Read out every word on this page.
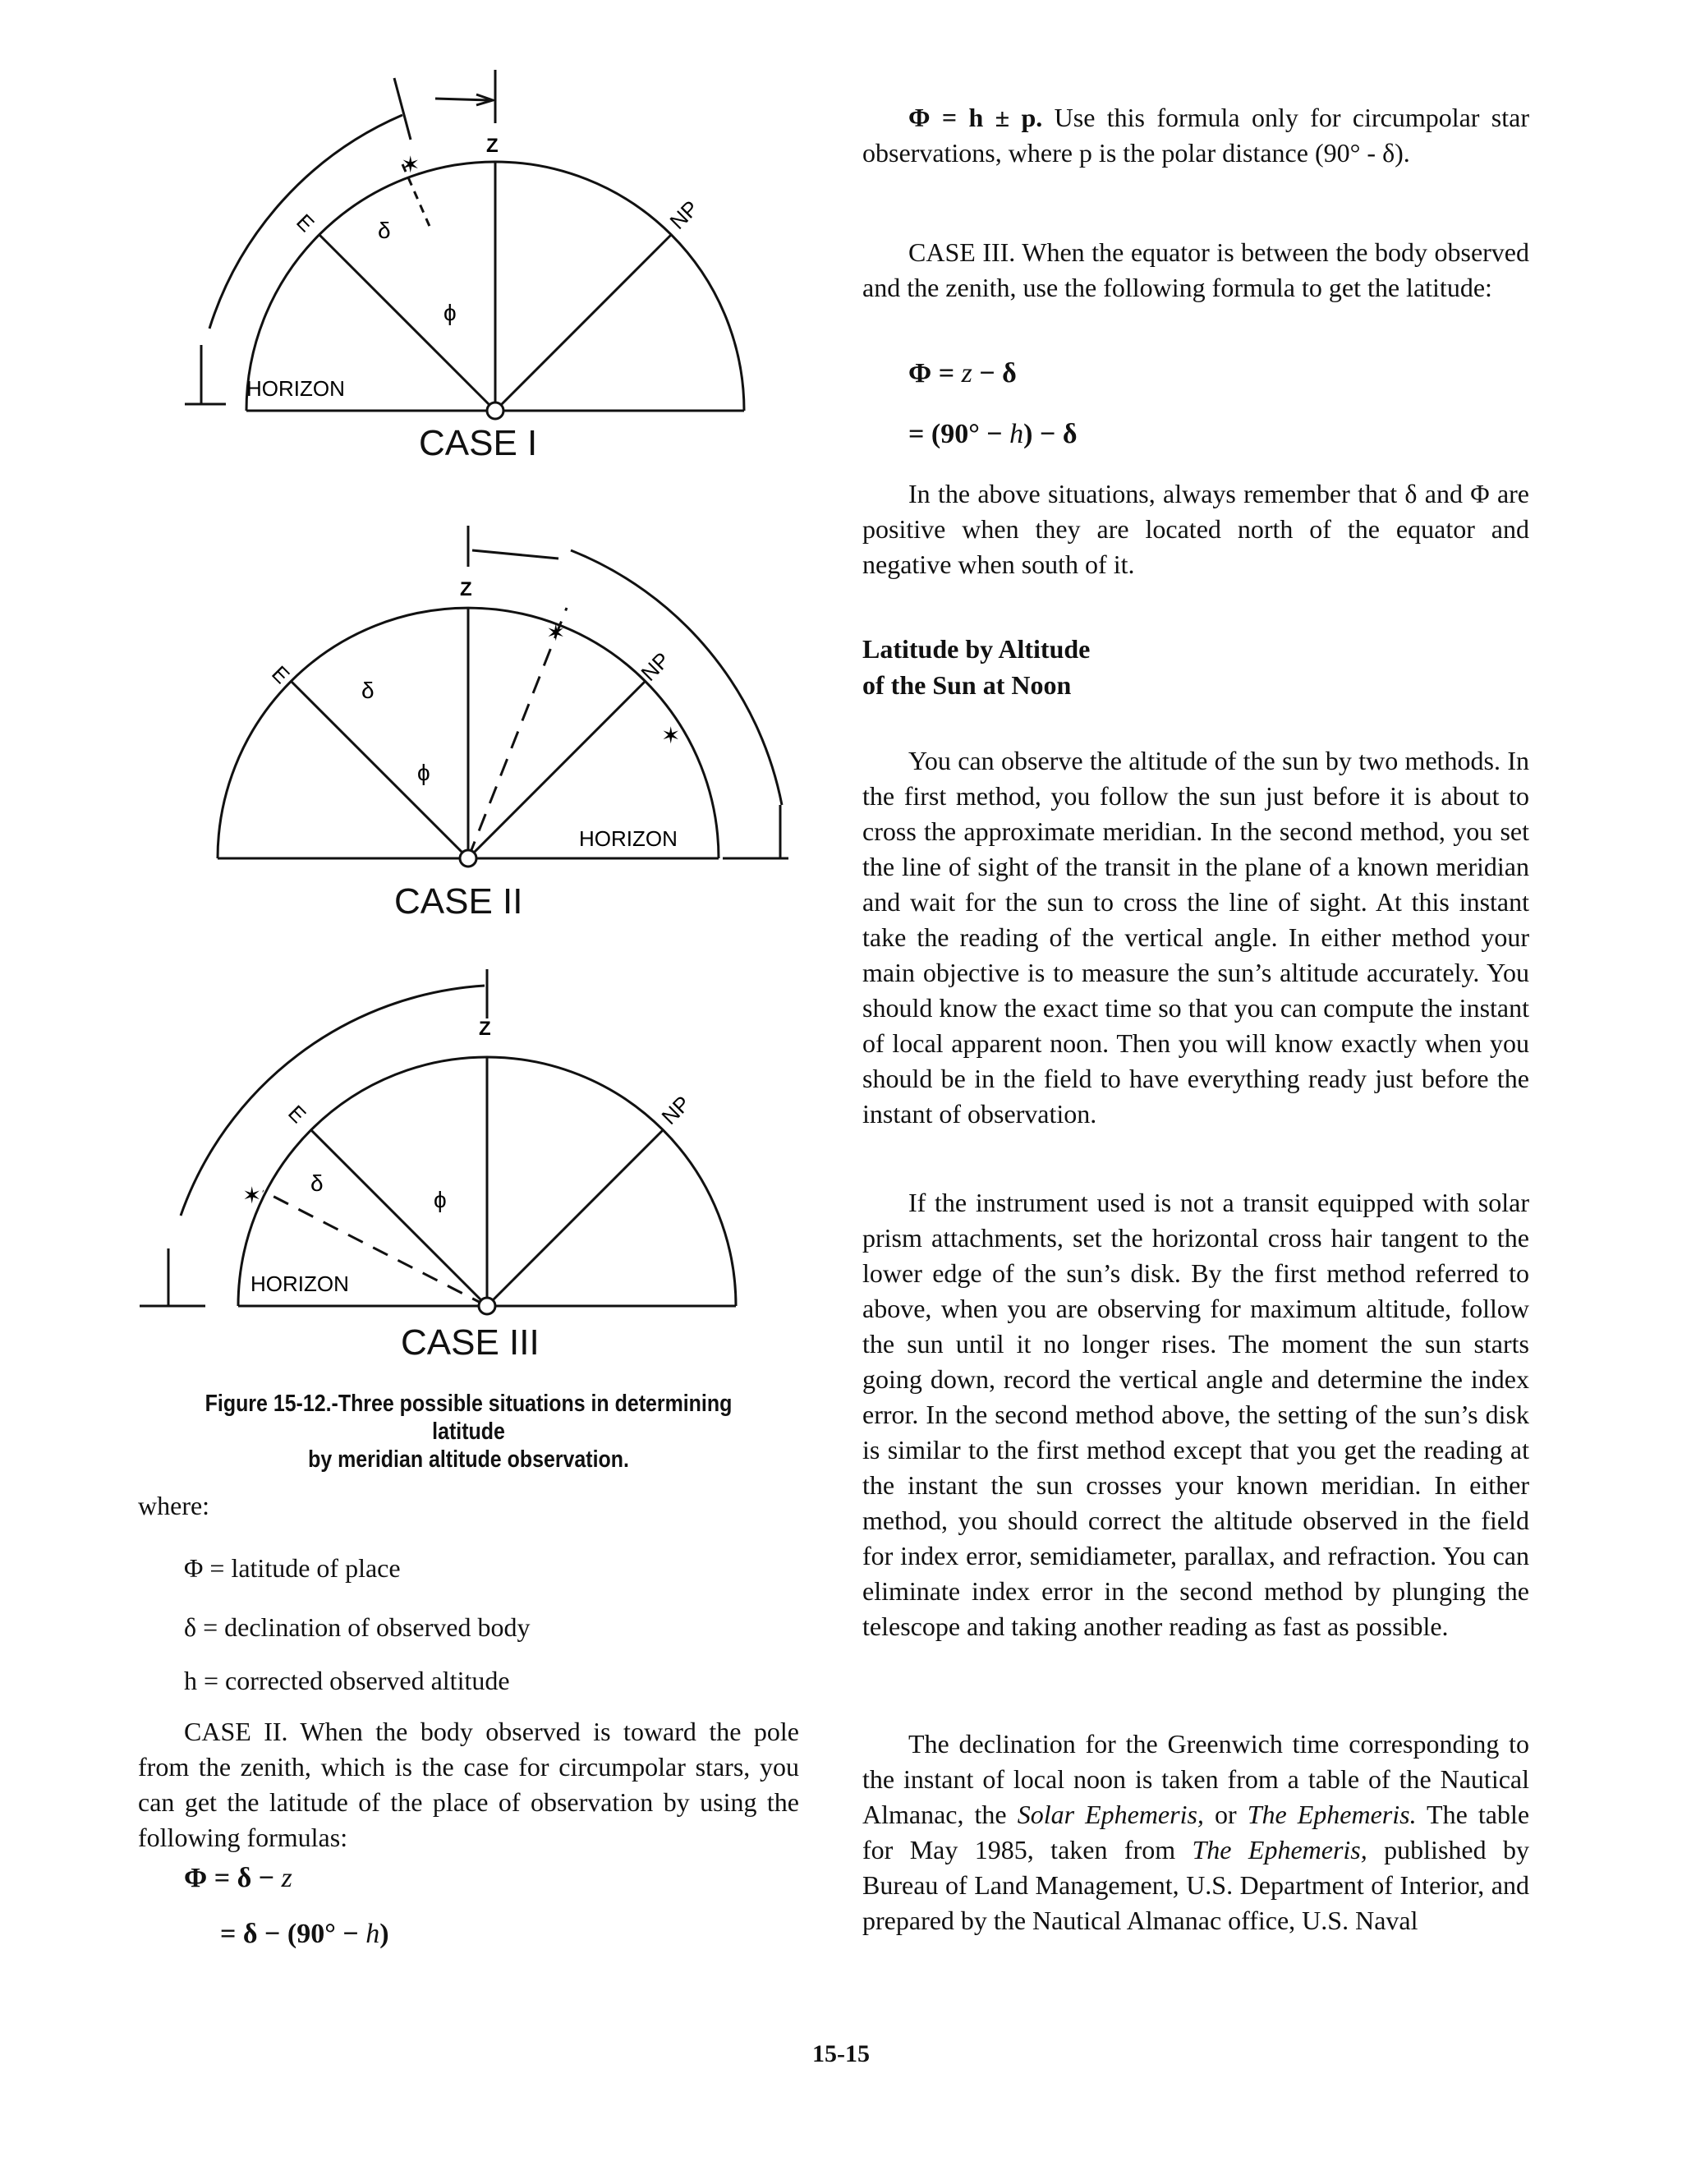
HORIZON
Z
NP
E	δ
ϕ
✶
CASE I
HORIZON
Z
NP
E
δ
ϕ
✶
✶
CASE II
HORIZON
Z
NP
E
δ
ϕ
✶
CASE III
Figure 15-12.-Three possible situations in determining latitude
by meridian altitude observation.

where:

Φ = latitude of place

δ = declination of observed body

h = corrected observed altitude

CASE II. When the body observed is toward the pole from the zenith, which is the case for circumpolar stars, you can get the latitude of the place of observation by using the following formulas:

Φ = δ − z

= δ − (90° − h)

Φ = h ± p. Use this formula only for circumpolar star observations, where p is the polar distance (90° - δ).

CASE III. When the equator is between the body observed and the zenith, use the following formula to get the latitude:

Φ = z − δ

= (90° − h) − δ

In the above situations, always remember that δ and Φ are positive when they are located north of the equator and negative when south of it.

Latitude by Altitude

of the Sun at Noon

You can observe the altitude of the sun by two methods. In the first method, you follow the sun just before it is about to cross the approximate meridian. In the second method, you set the line of sight of the transit in the plane of a known meridian and wait for the sun to cross the line of sight. At this instant take the reading of the vertical angle. In either method your main objective is to measure the sun’s altitude accurately. You should know the exact time so that you can compute the instant of local apparent noon. Then you will know exactly when you should be in the field to have everything ready just before the instant of observation.

If the instrument used is not a transit equipped with solar prism attachments, set the horizontal cross hair tangent to the lower edge of the sun’s disk. By the first method referred to above, when you are observing for maximum altitude, follow the sun until it no longer rises. The moment the sun starts going down, record the vertical angle and determine the index error. In the second method above, the setting of the sun’s disk is similar to the first method except that you get the reading at the instant the sun crosses your known meridian. In either method, you should correct the altitude observed in the field for index error, semidiameter, parallax, and refraction. You can eliminate index error in the second method by plunging the telescope and taking another reading as fast as possible.

The declination for the Greenwich time corresponding to the instant of local noon is taken from a table of the Nautical Almanac, the Solar Ephemeris, or The Ephemeris. The table for May 1985, taken from The Ephemeris, published by Bureau of Land Management, U.S. Department of Interior, and prepared by the Nautical Almanac office, U.S. Naval

15-15
